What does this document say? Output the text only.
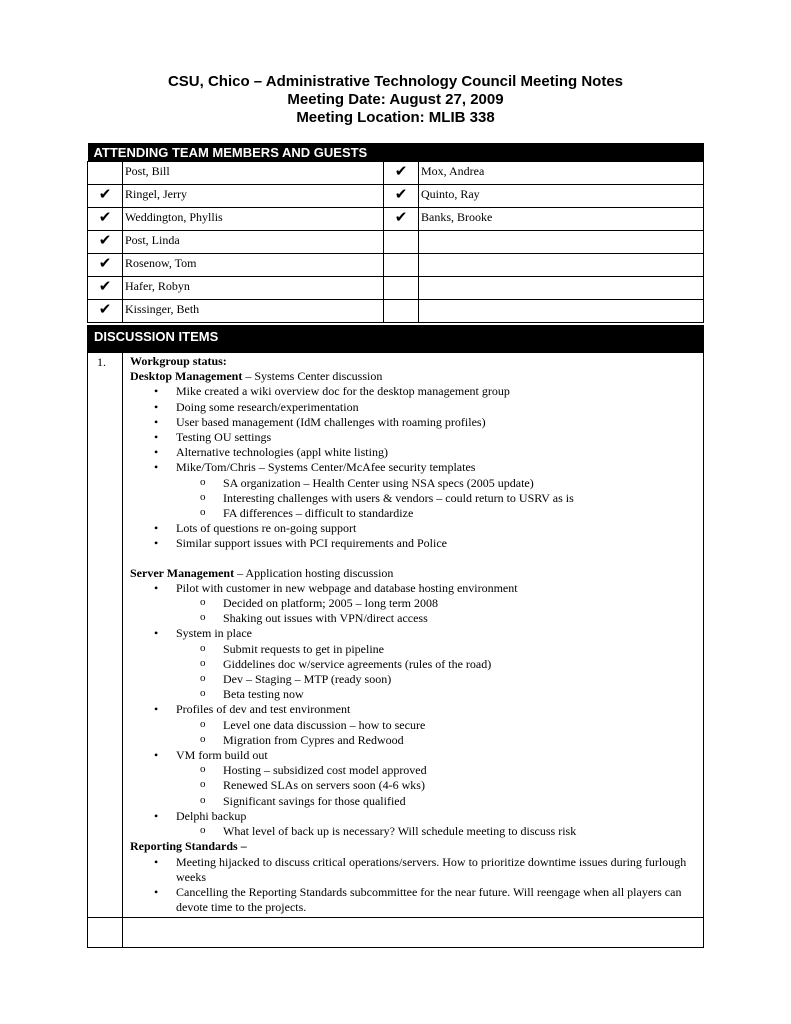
CSU, Chico – Administrative Technology Council Meeting Notes
Meeting Date: August 27, 2009
Meeting Location: MLIB 338
ATTENDING TEAM MEMBERS AND GUESTS			
	Post, Bill	✔	Mox, Andrea
✔	Ringel, Jerry	✔	Quinto, Ray
✔	Weddington, Phyllis	✔	Banks, Brooke
✔	Post, Linda		
✔	Rosenow, Tom		
✔	Hafer, Robyn		
✔	Kissinger, Beth		
DISCUSSION ITEMS
1. Workgroup status:

Desktop Management – Systems Center discussion

• Mike created a wiki overview doc for the desktop management group
• Doing some research/experimentation
• User based management (IdM challenges with roaming profiles)
• Testing OU settings
• Alternative technologies (appl white listing)
• Mike/Tom/Chris – Systems Center/McAfee security templates
o SA organization – Health Center using NSA specs (2005 update)
o Interesting challenges with users & vendors – could return to USRV as is
o FA differences – difficult to standardize
• Lots of questions re on-going support
• Similar support issues with PCI requirements and Police

Server Management – Application hosting discussion

• Pilot with customer in new webpage and database hosting environment
o Decided on platform; 2005 – long term 2008
o Shaking out issues with VPN/direct access
• System in place
o Submit requests to get in pipeline
o Giddelines doc w/service agreements (rules of the road)
o Dev – Staging – MTP (ready soon)
o Beta testing now
• Profiles of dev and test environment
o Level one data discussion – how to secure
o Migration from Cypres and Redwood
• VM form build out
o Hosting – subsidized cost model approved
o Renewed SLAs on servers soon (4-6 wks)
o Significant savings for those qualified
• Delphi backup
o What level of back up is necessary? Will schedule meeting to discuss risk

Reporting Standards –

• Meeting hijacked to discuss critical operations/servers. How to prioritize downtime issues during furlough weeks
• Cancelling the Reporting Standards subcommittee for the near future. Will reengage when all players can devote time to the projects.
